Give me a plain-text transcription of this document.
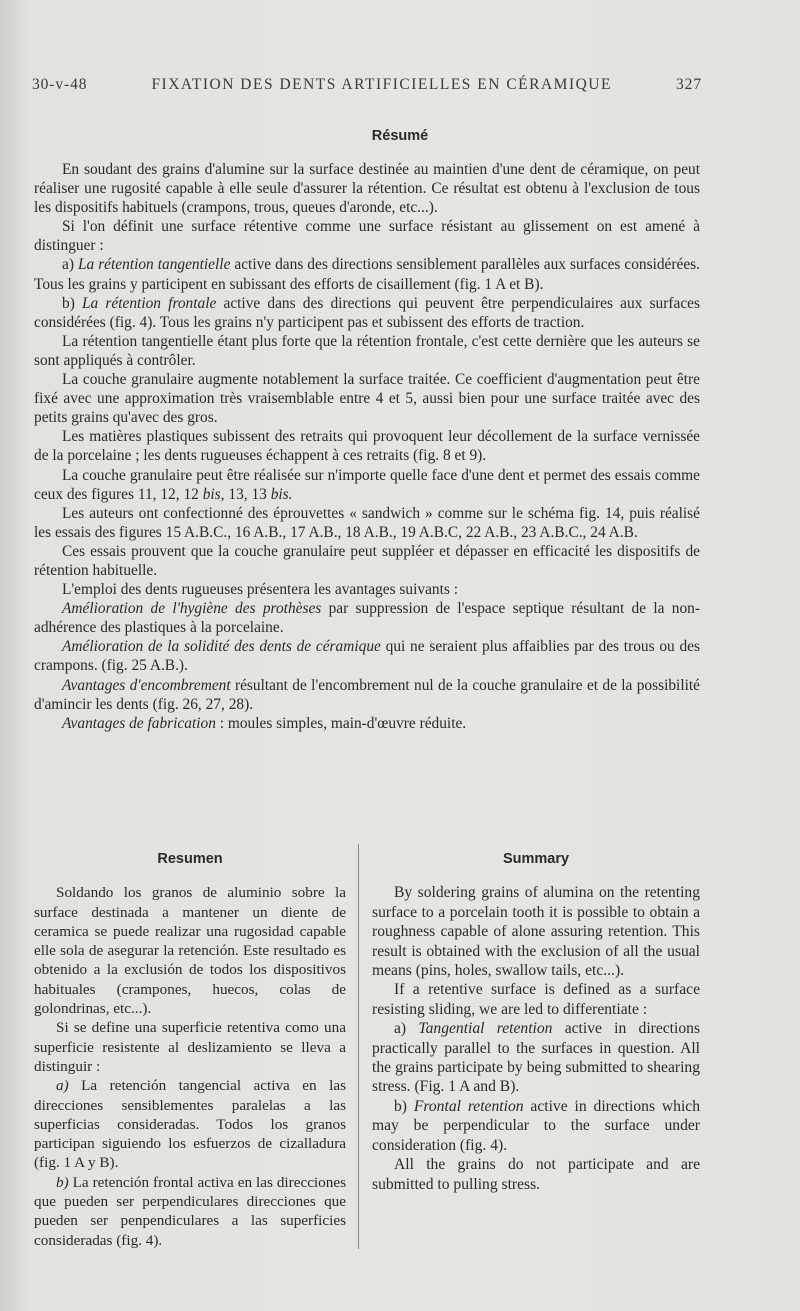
30-v-48	FIXATION DES DENTS ARTIFICIELLES EN CÉRAMIQUE	327
Résumé

En soudant des grains d'alumine sur la surface destinée au maintien d'une dent de céramique, on peut réaliser une rugosité capable à elle seule d'assurer la rétention. Ce résultat est obtenu à l'exclusion de tous les dispositifs habituels (crampons, trous, queues d'aronde, etc...).

Si l'on définit une surface rétentive comme une surface résistant au glissement on est amené à distinguer :

a) La rétention tangentielle active dans des directions sensiblement parallèles aux surfaces considérées. Tous les grains y participent en subissant des efforts de cisaillement (fig. 1 A et B).

b) La rétention frontale active dans des directions qui peuvent être perpendiculaires aux surfaces considérées (fig. 4). Tous les grains n'y participent pas et subissent des efforts de traction.

La rétention tangentielle étant plus forte que la rétention frontale, c'est cette dernière que les auteurs se sont appliqués à contrôler.

La couche granulaire augmente notablement la surface traitée. Ce coefficient d'augmentation peut être fixé avec une approximation très vraisemblable entre 4 et 5, aussi bien pour une surface traitée avec des petits grains qu'avec des gros.

Les matières plastiques subissent des retraits qui provoquent leur décollement de la surface vernissée de la porcelaine ; les dents rugueuses échappent à ces retraits (fig. 8 et 9).

La couche granulaire peut être réalisée sur n'importe quelle face d'une dent et permet des essais comme ceux des figures 11, 12, 12 bis, 13, 13 bis.

Les auteurs ont confectionné des éprouvettes « sandwich » comme sur le schéma fig. 14, puis réalisé les essais des figures 15 A.B.C., 16 A.B., 17 A.B., 18 A.B., 19 A.B.C, 22 A.B., 23 A.B.C., 24 A.B.

Ces essais prouvent que la couche granulaire peut suppléer et dépasser en efficacité les dispositifs de rétention habituelle.

L'emploi des dents rugueuses présentera les avantages suivants :

Amélioration de l'hygiène des prothèses par suppression de l'espace septique résultant de la non-adhérence des plastiques à la porcelaine.

Amélioration de la solidité des dents de céramique qui ne seraient plus affaiblies par des trous ou des crampons. (fig. 25 A.B.).

Avantages d'encombrement résultant de l'encombrement nul de la couche granulaire et de la possibilité d'amincir les dents (fig. 26, 27, 28).

Avantages de fabrication : moules simples, main-d'œuvre réduite.

Resumen

Soldando los granos de aluminio sobre la surface destinada a mantener un diente de ceramica se puede realizar una rugosidad capable elle sola de asegurar la retención. Este resultado es obtenido a la exclusión de todos los dispositivos habituales (crampones, huecos, colas de golondrinas, etc...).

Si se define una superficie retentiva como una superficie resistente al deslizamiento se lleva a distinguir :

a) La retención tangencial activa en las direcciones sensiblementes paralelas a las superficias consideradas. Todos los granos participan siguiendo los esfuerzos de cizalladura (fig. 1 A y B).

b) La retención frontal activa en las direcciones que pueden ser perpendiculares direcciones que pueden ser penpendiculares a las superficies consideradas (fig. 4).

Summary

By soldering grains of alumina on the retenting surface to a porcelain tooth it is possible to obtain a roughness capable of alone assuring retention. This result is obtained with the exclusion of all the usual means (pins, holes, swallow tails, etc...).

If a retentive surface is defined as a surface resisting sliding, we are led to differentiate :

a) Tangential retention active in directions practically parallel to the surfaces in question. All the grains participate by being submitted to shearing stress. (Fig. 1 A and B).

b) Frontal retention active in directions which may be perpendicular to the surface under consideration (fig. 4).

All the grains do not participate and are submitted to pulling stress.
